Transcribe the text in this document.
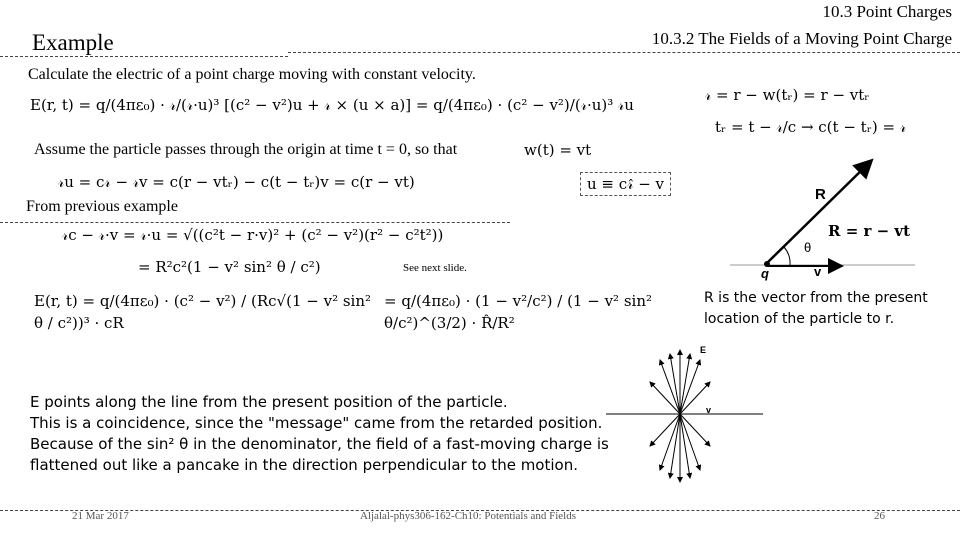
10.3 Point Charges
10.3.2 The Fields of a Moving Point Charge
Example
Calculate the electric of a point charge moving with constant velocity.
E(r, t) = q/(4πε₀) · 𝓇/(𝓇·u)³ [(c² − v²)u + 𝓇 × (u × a)] = q/(4πε₀) · (c² − v²)/(𝓇·u)³ 𝓇u
𝓇 = r − w(tᵣ) = r − vtᵣ
tᵣ = t − 𝓇/c → c(t − tᵣ) = 𝓇
Assume the particle passes through the origin at time t = 0, so that	w(t) = vt
𝓇u = c𝓇 − 𝓇v = c(r − vtᵣ) − c(t − tᵣ)v = c(r − vt)	u ≡ c𝓇̂ − v
From previous example
𝓇c − 𝓇·v = 𝓇·u = √((c²t − r·v)² + (c² − v²)(r² − c²t²))
= R²c²(1 − v² sin² θ / c²)	See next slide.
E(r, t) = q/(4πε₀) · (c² − v²) / (Rc√(1 − v² sin² θ / c²))³ · cR
= q/(4πε₀) · (1 − v²/c²) / (1 − v² sin² θ/c²)^(3/2) · R̂/R²
R
R = r − vt
θ
q	v
R is the vector from the present
location of the particle to r.
E
v
E points along the line from the present position of the particle.
This is a coincidence, since the "message" came from the retarded position.
Because of the sin² θ in the denominator, the field of a fast-moving charge is
flattened out like a pancake in the direction perpendicular to the motion.
21 Mar 2017	Aljalal-phys306-162-Ch10: Potentials and Fields	26
